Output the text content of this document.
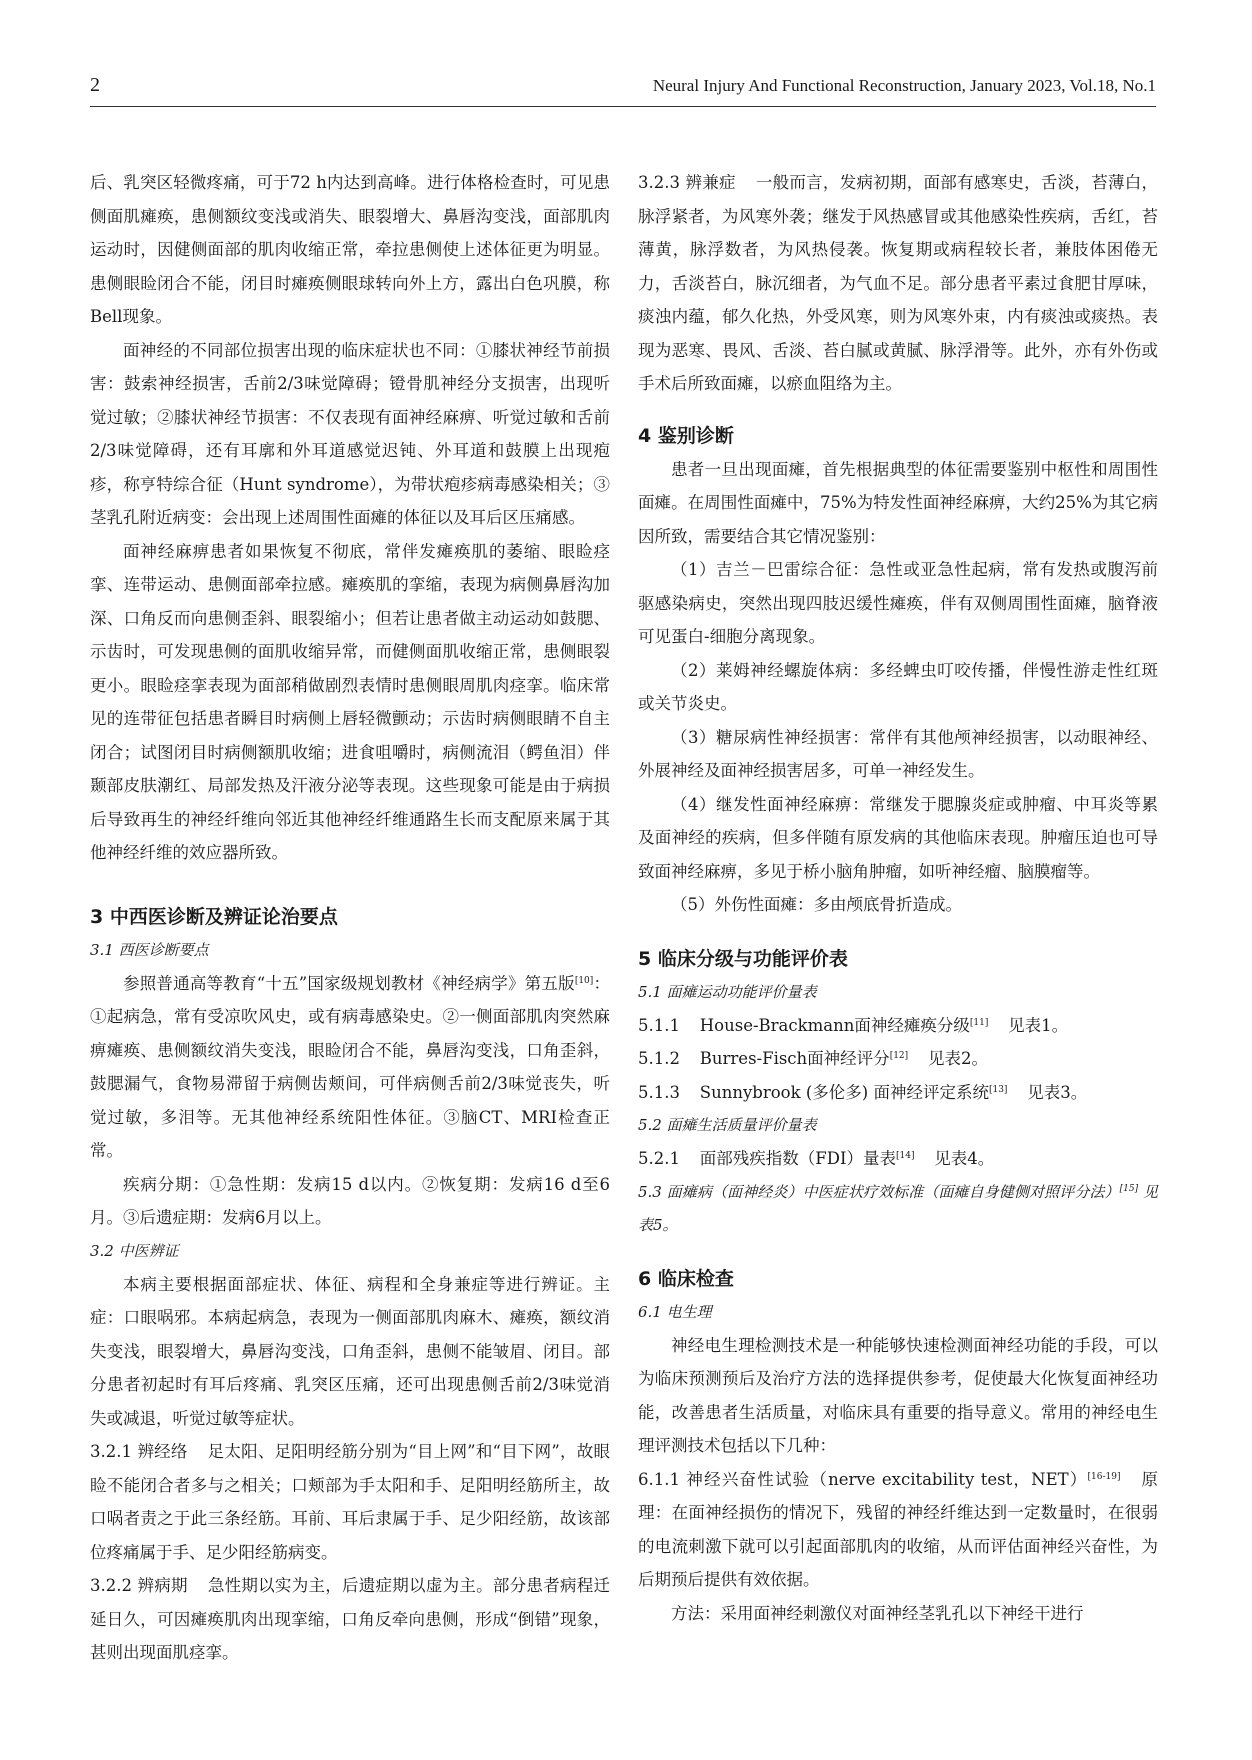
2	Neural Injury And Functional Reconstruction, January 2023, Vol.18, No.1

后、乳突区轻微疼痛，可于72 h内达到高峰。进行体格检查时，可见患侧面肌瘫痪，患侧额纹变浅或消失、眼裂增大、鼻唇沟变浅，面部肌肉运动时，因健侧面部的肌肉收缩正常，牵拉患侧使上述体征更为明显。患侧眼睑闭合不能，闭目时瘫痪侧眼球转向外上方，露出白色巩膜，称Bell现象。

面神经的不同部位损害出现的临床症状也不同：①膝状神经节前损害：鼓索神经损害，舌前2/3味觉障碍；镫骨肌神经分支损害，出现听觉过敏；②膝状神经节损害：不仅表现有面神经麻痹、听觉过敏和舌前2/3味觉障碍，还有耳廓和外耳道感觉迟钝、外耳道和鼓膜上出现疱疹，称亨特综合征（Hunt syndrome），为带状疱疹病毒感染相关；③茎乳孔附近病变：会出现上述周围性面瘫的体征以及耳后区压痛感。

面神经麻痹患者如果恢复不彻底，常伴发瘫痪肌的萎缩、眼睑痉挛、连带运动、患侧面部牵拉感。瘫痪肌的挛缩，表现为病侧鼻唇沟加深、口角反而向患侧歪斜、眼裂缩小；但若让患者做主动运动如鼓腮、示齿时，可发现患侧的面肌收缩异常，而健侧面肌收缩正常，患侧眼裂更小。眼睑痉挛表现为面部稍做剧烈表情时患侧眼周肌肉痉挛。临床常见的连带征包括患者瞬目时病侧上唇轻微颤动；示齿时病侧眼睛不自主闭合；试图闭目时病侧额肌收缩；进食咀嚼时，病侧流泪（鳄鱼泪）伴颞部皮肤潮红、局部发热及汗液分泌等表现。这些现象可能是由于病损后导致再生的神经纤维向邻近其他神经纤维通路生长而支配原来属于其他神经纤维的效应器所致。

3 中西医诊断及辨证论治要点
3.1 西医诊断要点

参照普通高等教育“十五”国家级规划教材《神经病学》第五版[10]：①起病急，常有受凉吹风史，或有病毒感染史。②一侧面部肌肉突然麻痹瘫痪、患侧额纹消失变浅，眼睑闭合不能，鼻唇沟变浅，口角歪斜，鼓腮漏气，食物易滞留于病侧齿颊间，可伴病侧舌前2/3味觉丧失，听觉过敏，多泪等。无其他神经系统阳性体征。③脑CT、MRI检查正常。

疾病分期：①急性期：发病15 d以内。②恢复期：发病16 d至6月。③后遗症期：发病6月以上。

3.2 中医辨证

本病主要根据面部症状、体征、病程和全身兼症等进行辨证。主症：口眼㖞邪。本病起病急，表现为一侧面部肌肉麻木、瘫痪，额纹消失变浅，眼裂增大，鼻唇沟变浅，口角歪斜，患侧不能皱眉、闭目。部分患者初起时有耳后疼痛、乳突区压痛，还可出现患侧舌前2/3味觉消失或减退，听觉过敏等症状。

3.2.1 辨经络 足太阳、足阳明经筋分别为“目上网”和“目下网”，故眼睑不能闭合者多与之相关；口颊部为手太阳和手、足阳明经筋所主，故口㖞者责之于此三条经筋。耳前、耳后隶属于手、足少阳经筋，故该部位疼痛属于手、足少阳经筋病变。

3.2.2 辨病期 急性期以实为主，后遗症期以虚为主。部分患者病程迁延日久，可因瘫痪肌肉出现挛缩，口角反牵向患侧，形成“倒错”现象，甚则出现面肌痉挛。

3.2.3 辨兼症 一般而言，发病初期，面部有感寒史，舌淡，苔薄白，脉浮紧者，为风寒外袭；继发于风热感冒或其他感染性疾病，舌红，苔薄黄，脉浮数者，为风热侵袭。恢复期或病程较长者，兼肢体困倦无力，舌淡苔白，脉沉细者，为气血不足。部分患者平素过食肥甘厚味，痰浊内蕴，郁久化热，外受风寒，则为风寒外束，内有痰浊或痰热。表现为恶寒、畏风、舌淡、苔白腻或黄腻、脉浮滑等。此外，亦有外伤或手术后所致面瘫，以瘀血阻络为主。

4 鉴别诊断

患者一旦出现面瘫，首先根据典型的体征需要鉴别中枢性和周围性面瘫。在周围性面瘫中，75%为特发性面神经麻痹，大约25%为其它病因所致，需要结合其它情况鉴别：

（1）吉兰－巴雷综合征：急性或亚急性起病，常有发热或腹泻前驱感染病史，突然出现四肢迟缓性瘫痪，伴有双侧周围性面瘫，脑脊液可见蛋白-细胞分离现象。

（2）莱姆神经螺旋体病：多经蜱虫叮咬传播，伴慢性游走性红斑或关节炎史。

（3）糖尿病性神经损害：常伴有其他颅神经损害，以动眼神经、外展神经及面神经损害居多，可单一神经发生。

（4）继发性面神经麻痹：常继发于腮腺炎症或肿瘤、中耳炎等累及面神经的疾病，但多伴随有原发病的其他临床表现。肿瘤压迫也可导致面神经麻痹，多见于桥小脑角肿瘤，如听神经瘤、脑膜瘤等。

（5）外伤性面瘫：多由颅底骨折造成。

5 临床分级与功能评价表
5.1 面瘫运动功能评价量表

5.1.1 House-Brackmann面神经瘫痪分级[11] 见表1。

5.1.2 Burres-Fisch面神经评分[12] 见表2。

5.1.3 Sunnybrook (多伦多) 面神经评定系统[13] 见表3。

5.2 面瘫生活质量评价量表

5.2.1 面部残疾指数（FDI）量表[14] 见表4。

5.3 面瘫病（面神经炎）中医症状疗效标准（面瘫自身健侧对照评分法）[15] 见表5。
6 临床检查
6.1 电生理

神经电生理检测技术是一种能够快速检测面神经功能的手段，可以为临床预测预后及治疗方法的选择提供参考，促使最大化恢复面神经功能，改善患者生活质量，对临床具有重要的指导意义。常用的神经电生理评测技术包括以下几种：

6.1.1 神经兴奋性试验（nerve excitability test，NET）[16-19] 原理：在面神经损伤的情况下，残留的神经纤维达到一定数量时，在很弱的电流刺激下就可以引起面部肌肉的收缩，从而评估面神经兴奋性，为后期预后提供有效依据。

方法：采用面神经刺激仪对面神经茎乳孔以下神经干进行
